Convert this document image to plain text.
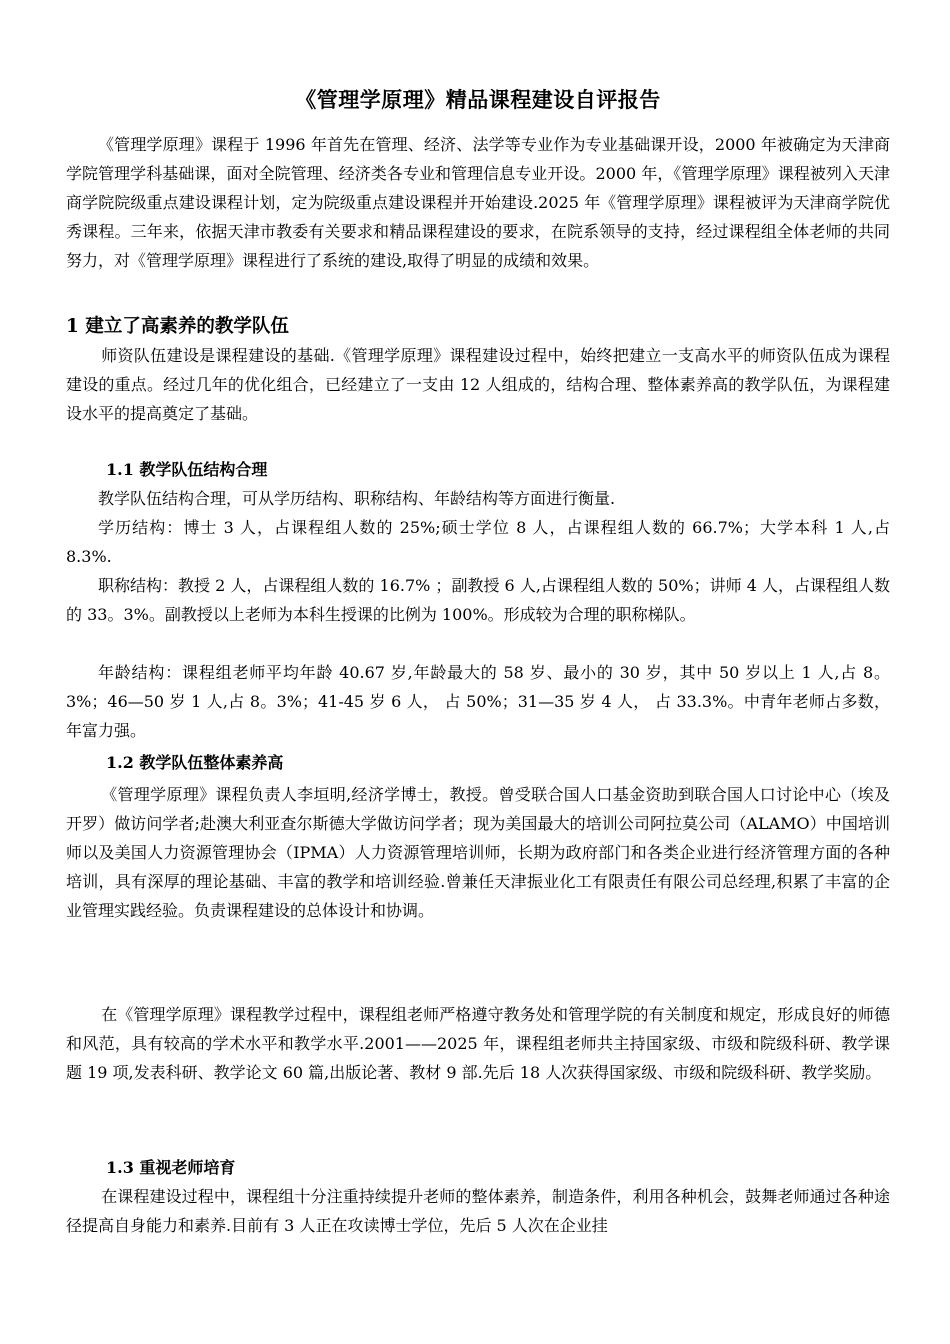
《管理学原理》精品课程建设自评报告

《管理学原理》课程于 1996 年首先在管理、经济、法学等专业作为专业基础课开设，2000 年被确定为天津商学院管理学科基础课，面对全院管理、经济类各专业和管理信息专业开设。2000 年，《管理学原理》课程被列入天津商学院院级重点建设课程计划，定为院级重点建设课程并开始建设.2025 年《管理学原理》课程被评为天津商学院优秀课程。三年来，依据天津市教委有关要求和精品课程建设的要求，在院系领导的支持，经过课程组全体老师的共同努力，对《管理学原理》课程进行了系统的建设,取得了明显的成绩和效果。

1 建立了高素养的教学队伍

师资队伍建设是课程建设的基础.《管理学原理》课程建设过程中，始终把建立一支高水平的师资队伍成为课程建设的重点。经过几年的优化组合，已经建立了一支由 12 人组成的，结构合理、整体素养高的教学队伍，为课程建设水平的提高奠定了基础。

1.1 教学队伍结构合理

教学队伍结构合理，可从学历结构、职称结构、年龄结构等方面进行衡量.

学历结构：博士 3 人，占课程组人数的 25%;硕士学位 8 人，占课程组人数的 66.7%；大学本科 1 人,占 8.3%.

职称结构：教授 2 人，占课程组人数的 16.7% ；副教授 6 人,占课程组人数的 50%；讲师 4 人，占课程组人数的 33。3%。副教授以上老师为本科生授课的比例为 100%。形成较为合理的职称梯队。

年龄结构：课程组老师平均年龄 40.67 岁,年龄最大的 58 岁、最小的 30 岁，其中 50 岁以上 1 人,占 8。3%；46—50 岁 1 人,占 8。3%；41-45 岁 6 人， 占 50%；31—35 岁 4 人， 占 33.3%。中青年老师占多数，年富力强。

1.2 教学队伍整体素养高

《管理学原理》课程负责人李垣明,经济学博士，教授。曾受联合国人口基金资助到联合国人口讨论中心（埃及开罗）做访问学者;赴澳大利亚查尔斯德大学做访问学者；现为美国最大的培训公司阿拉莫公司（ALAMO）中国培训师以及美国人力资源管理协会（IPMA）人力资源管理培训师，长期为政府部门和各类企业进行经济管理方面的各种培训，具有深厚的理论基础、丰富的教学和培训经验.曾兼任天津振业化工有限责任有限公司总经理,积累了丰富的企业管理实践经验。负责课程建设的总体设计和协调。

在《管理学原理》课程教学过程中，课程组老师严格遵守教务处和管理学院的有关制度和规定，形成良好的师德和风范，具有较高的学术水平和教学水平.2001——2025 年，课程组老师共主持国家级、市级和院级科研、教学课题 19 项,发表科研、教学论文 60 篇,出版论著、教材 9 部.先后 18 人次获得国家级、市级和院级科研、教学奖励。

1.3 重视老师培育

在课程建设过程中，课程组十分注重持续提升老师的整体素养，制造条件，利用各种机会，鼓舞老师通过各种途径提高自身能力和素养.目前有 3 人正在攻读博士学位，先后 5 人次在企业挂
